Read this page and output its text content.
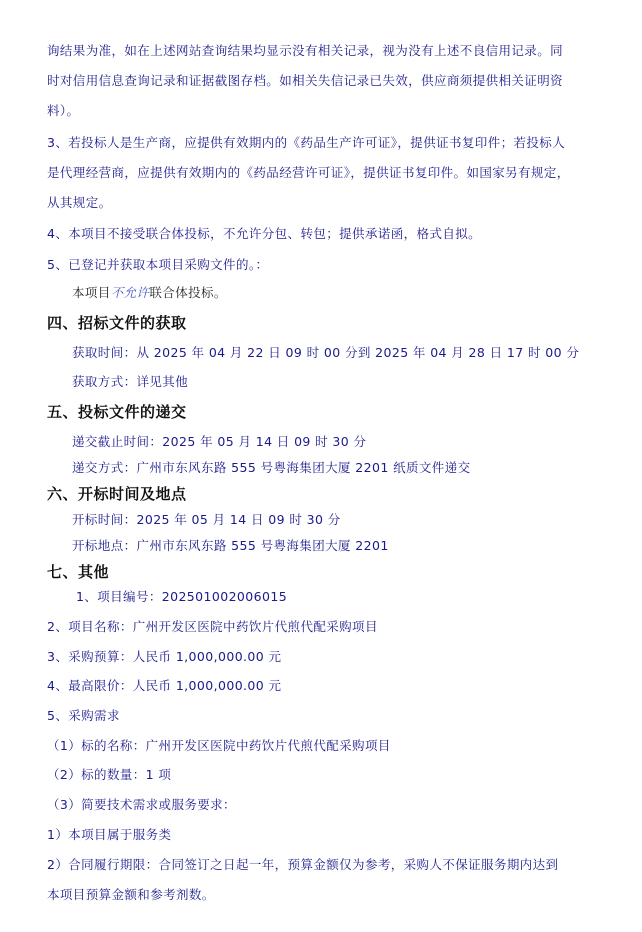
询结果为准，如在上述网站查询结果均显示没有相关记录，视为没有上述不良信用记录。同
时对信用信息查询记录和证据截图存档。如相关失信记录已失效，供应商须提供相关证明资
料）。
3、若投标人是生产商，应提供有效期内的《药品生产许可证》，提供证书复印件；若投标人
是代理经营商，应提供有效期内的《药品经营许可证》，提供证书复印件。如国家另有规定，
从其规定。
4、本项目不接受联合体投标，不允许分包、转包；提供承诺函，格式自拟。
5、已登记并获取本项目采购文件的。：
本项目不允许联合体投标。
四、招标文件的获取
获取时间：从 2025 年 04 月 22 日 09 时 00 分到 2025 年 04 月 28 日 17 时 00 分
获取方式：详见其他
五、投标文件的递交
递交截止时间：2025 年 05 月 14 日 09 时 30 分
递交方式：广州市东风东路 555 号粤海集团大厦 2201 纸质文件递交
六、开标时间及地点
开标时间：2025 年 05 月 14 日 09 时 30 分
开标地点：广州市东风东路 555 号粤海集团大厦 2201
七、其他
1、项目编号：202501002006015
2、项目名称：广州开发区医院中药饮片代煎代配采购项目
3、采购预算：人民币 1,000,000.00 元
4、最高限价：人民币 1,000,000.00 元
5、采购需求
（1）标的名称：广州开发区医院中药饮片代煎代配采购项目
（2）标的数量：1 项
（3）简要技术需求或服务要求：
1）本项目属于服务类
2）合同履行期限：合同签订之日起一年，预算金额仅为参考，采购人不保证服务期内达到
本项目预算金额和参考剂数。
